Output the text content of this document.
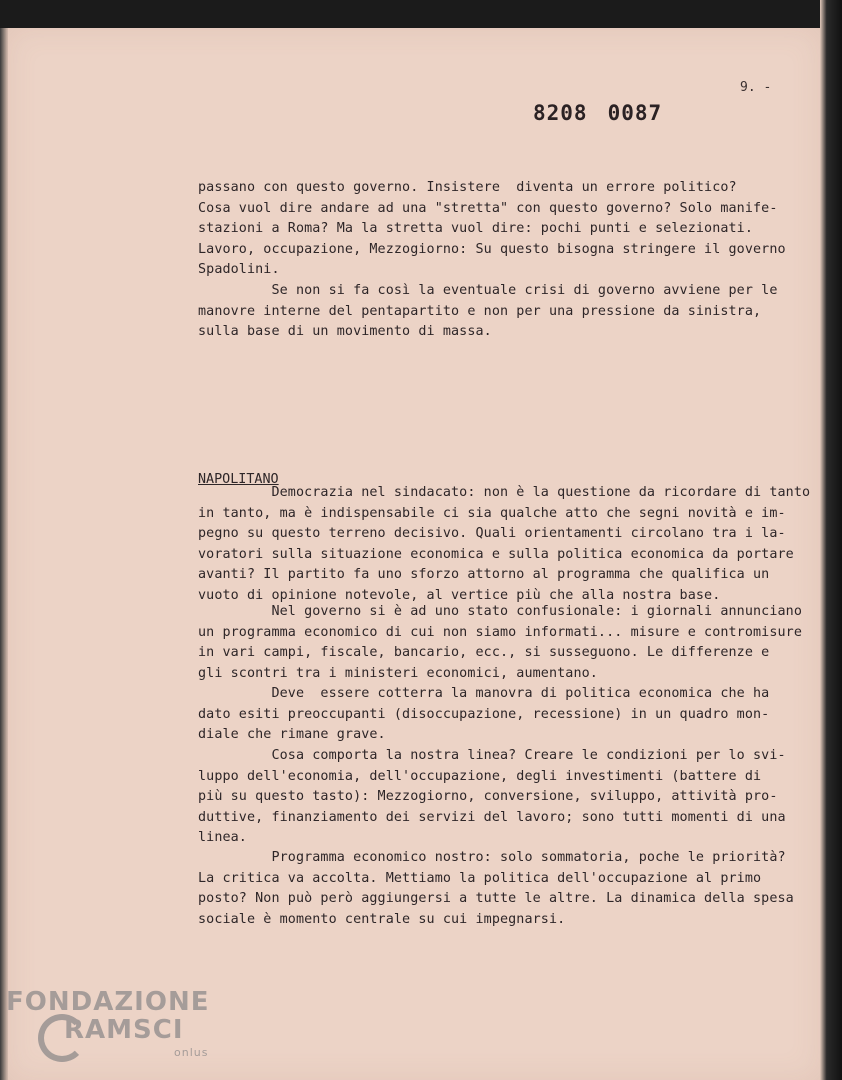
9. -
8208 0087
passano con questo governo. Insistere  diventa un errore politico?
Cosa vuol dire andare ad una "stretta" con questo governo? Solo manife-
stazioni a Roma? Ma la stretta vuol dire: pochi punti e selezionati.
Lavoro, occupazione, Mezzogiorno: Su questo bisogna stringere il governo
Spadolini.
Se non si fa così la eventuale crisi di governo avviene per le
manovre interne del pentapartito e non per una pressione da sinistra,
sulla base di un movimento di massa.
NAPOLITANO
Democrazia nel sindacato: non è la questione da ricordare di tanto
in tanto, ma è indispensabile ci sia qualche atto che segni novità e im-
pegno su questo terreno decisivo. Quali orientamenti circolano tra i la-
voratori sulla situazione economica e sulla politica economica da portare
avanti? Il partito fa uno sforzo attorno al programma che qualifica un
vuoto di opinione notevole, al vertice più che alla nostra base.
Nel governo si è ad uno stato confusionale: i giornali annunciano
un programma economico di cui non siamo informati... misure e contromisure
in vari campi, fiscale, bancario, ecc., si susseguono. Le differenze e
gli scontri tra i ministeri economici, aumentano.
Deve  essere cotterra la manovra di politica economica che ha
dato esiti preoccupanti (disoccupazione, recessione) in un quadro mon-
diale che rimane grave.
Cosa comporta la nostra linea? Creare le condizioni per lo svi-
luppo dell'economia, dell'occupazione, degli investimenti (battere di
più su questo tasto): Mezzogiorno, conversione, sviluppo, attività pro-
duttive, finanziamento dei servizi del lavoro; sono tutti momenti di una
linea.
Programma economico nostro: solo sommatoria, poche le priorità?
La critica va accolta. Mettiamo la politica dell'occupazione al primo
posto? Non può però aggiungersi a tutte le altre. La dinamica della spesa
sociale è momento centrale su cui impegnarsi.
FONDAZIONE
RAMSCI
onlus
